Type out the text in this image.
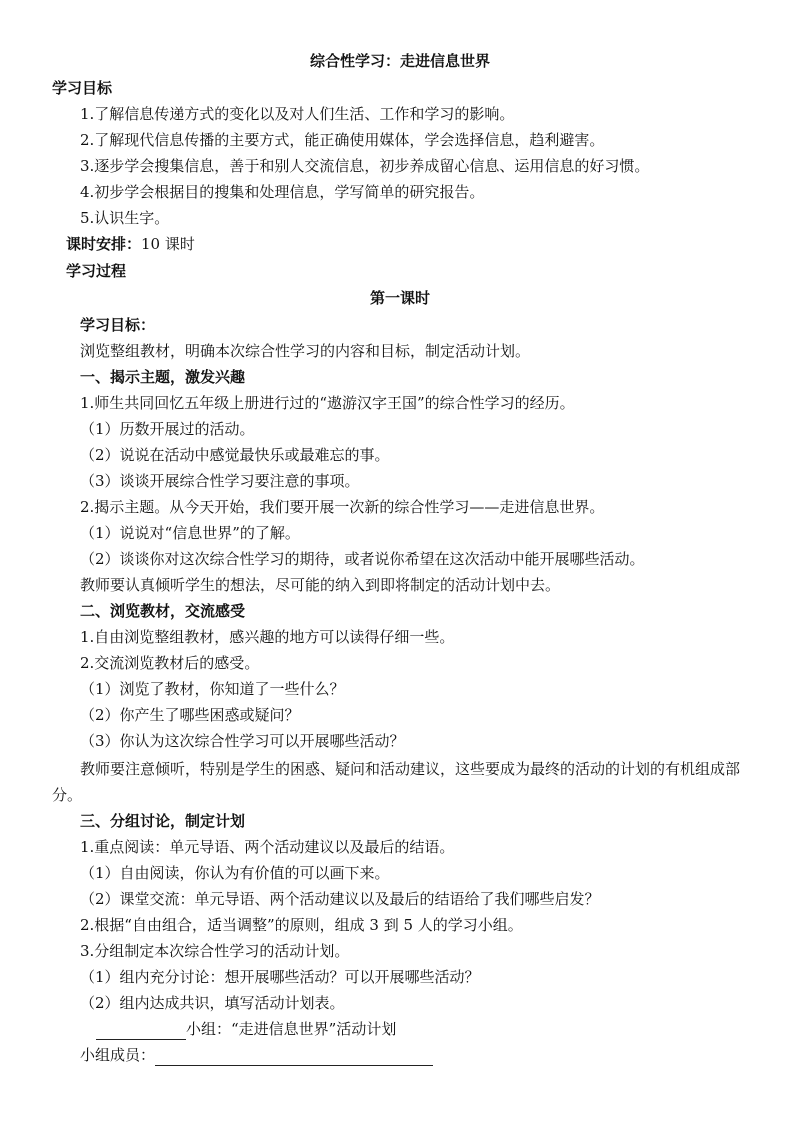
综合性学习：走进信息世界
学习目标
1.了解信息传递方式的变化以及对人们生活、工作和学习的影响。
2.了解现代信息传播的主要方式，能正确使用媒体，学会选择信息，趋利避害。
3.逐步学会搜集信息，善于和别人交流信息，初步养成留心信息、运用信息的好习惯。
4.初步学会根据目的搜集和处理信息，学写简单的研究报告。
5.认识生字。
课时安排：10 课时
学习过程
第一课时
学习目标：
浏览整组教材，明确本次综合性学习的内容和目标，制定活动计划。
一、揭示主题，激发兴趣
1.师生共同回忆五年级上册进行过的“遨游汉字王国”的综合性学习的经历。
（1）历数开展过的活动。
（2）说说在活动中感觉最快乐或最难忘的事。
（3）谈谈开展综合性学习要注意的事项。
2.揭示主题。从今天开始，我们要开展一次新的综合性学习——走进信息世界。
（1）说说对“信息世界”的了解。
（2）谈谈你对这次综合性学习的期待，或者说你希望在这次活动中能开展哪些活动。
教师要认真倾听学生的想法，尽可能的纳入到即将制定的活动计划中去。
二、浏览教材，交流感受
1.自由浏览整组教材，感兴趣的地方可以读得仔细一些。
2.交流浏览教材后的感受。
（1）浏览了教材，你知道了一些什么？
（2）你产生了哪些困惑或疑问？
（3）你认为这次综合性学习可以开展哪些活动？
教师要注意倾听，特别是学生的困惑、疑问和活动建议，这些要成为最终的活动的计划的有机组成部分。
三、分组讨论，制定计划
1.重点阅读：单元导语、两个活动建议以及最后的结语。
（1）自由阅读，你认为有价值的可以画下来。
（2）课堂交流：单元导语、两个活动建议以及最后的结语给了我们哪些启发？
2.根据“自由组合，适当调整”的原则，组成 3 到 5 人的学习小组。
3.分组制定本次综合性学习的活动计划。
（1）组内充分讨论：想开展哪些活动？可以开展哪些活动？
（2）组内达成共识，填写活动计划表。
小组：“走进信息世界”活动计划
小组成员：
